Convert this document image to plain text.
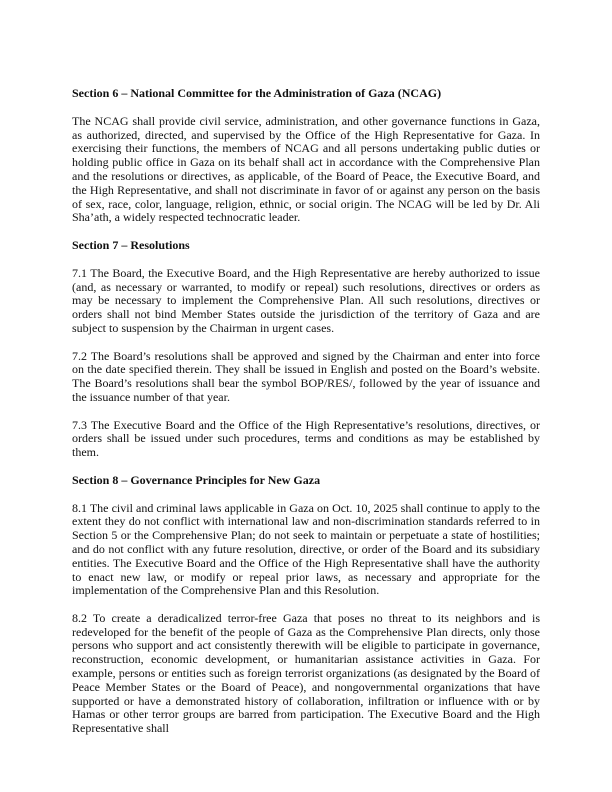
Section 6 – National Committee for the Administration of Gaza (NCAG)

The NCAG shall provide civil service, administration, and other governance functions in Gaza, as authorized, directed, and supervised by the Office of the High Representative for Gaza. In exercising their functions, the members of NCAG and all persons undertaking public duties or holding public office in Gaza on its behalf shall act in accordance with the Comprehensive Plan and the resolutions or directives, as applicable, of the Board of Peace, the Executive Board, and the High Representative, and shall not discriminate in favor of or against any person on the basis of sex, race, color, language, religion, ethnic, or social origin. The NCAG will be led by Dr. Ali Sha’ath, a widely respected technocratic leader.

Section 7 – Resolutions

7.1 The Board, the Executive Board, and the High Representative are hereby authorized to issue (and, as necessary or warranted, to modify or repeal) such resolutions, directives or orders as may be necessary to implement the Comprehensive Plan. All such resolutions, directives or orders shall not bind Member States outside the jurisdiction of the territory of Gaza and are subject to suspension by the Chairman in urgent cases.

7.2 The Board’s resolutions shall be approved and signed by the Chairman and enter into force on the date specified therein. They shall be issued in English and posted on the Board’s website. The Board’s resolutions shall bear the symbol BOP/RES/, followed by the year of issuance and the issuance number of that year.

7.3 The Executive Board and the Office of the High Representative’s resolutions, directives, or orders shall be issued under such procedures, terms and conditions as may be established by them.

Section 8 – Governance Principles for New Gaza

8.1 The civil and criminal laws applicable in Gaza on Oct. 10, 2025 shall continue to apply to the extent they do not conflict with international law and non-discrimination standards referred to in Section 5 or the Comprehensive Plan; do not seek to maintain or perpetuate a state of hostilities; and do not conflict with any future resolution, directive, or order of the Board and its subsidiary entities. The Executive Board and the Office of the High Representative shall have the authority to enact new law, or modify or repeal prior laws, as necessary and appropriate for the implementation of the Comprehensive Plan and this Resolution.

8.2 To create a deradicalized terror-free Gaza that poses no threat to its neighbors and is redeveloped for the benefit of the people of Gaza as the Comprehensive Plan directs, only those persons who support and act consistently therewith will be eligible to participate in governance, reconstruction, economic development, or humanitarian assistance activities in Gaza. For example, persons or entities such as foreign terrorist organizations (as designated by the Board of Peace Member States or the Board of Peace), and nongovernmental organizations that have supported or have a demonstrated history of collaboration, infiltration or influence with or by Hamas or other terror groups are barred from participation. The Executive Board and the High Representative shall
